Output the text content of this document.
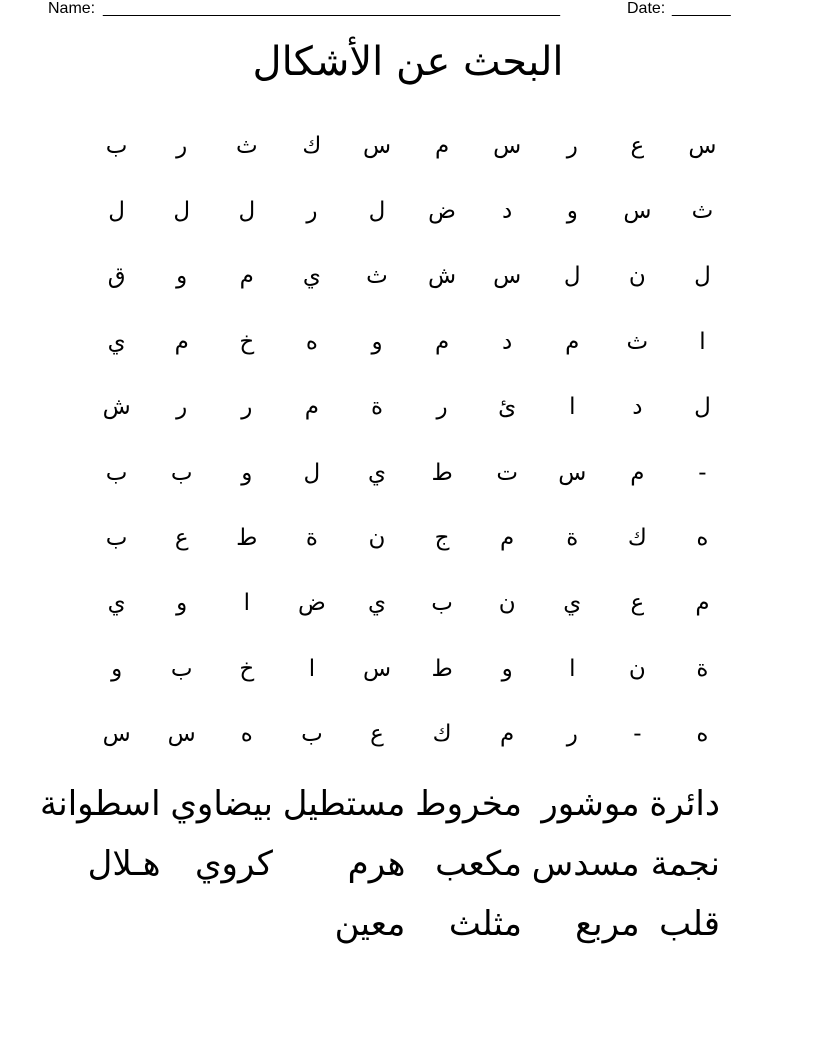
Name: _______________________________________________________	Date: _______
البحث عن الأشكال
س
ع
ر
س
م
س
ك
ث
ر
ب
ث
س
و
د
ض
ل
ر
ل
ل
ل
ل
ن
ل
س
ش
ث
ي
م
و
ق
ا
ث
م
د
م
و
ه
خ
م
ي
ل
د
ا
ئ
ر
ة
م
ر
ر
ش
-
م
س
ت
ط
ي
ل
و
ب
ب
ه
ك
ة
م
ج
ن
ة
ط
ع
ب
م
ع
ي
ن
ب
ي
ض
ا
و
ي
ة
ن
ا
و
ط
س
ا
خ
ب
و
ه
-
ر
م
ك
ع
ب
ه
س
س
دائرة
موشور
مخروط
مستطيل
بيضاوي
اسطوانة
نجمة
مسدس
مكعب
هرم
كروي
هـلال
قلب
مربع
مثلث
معين
